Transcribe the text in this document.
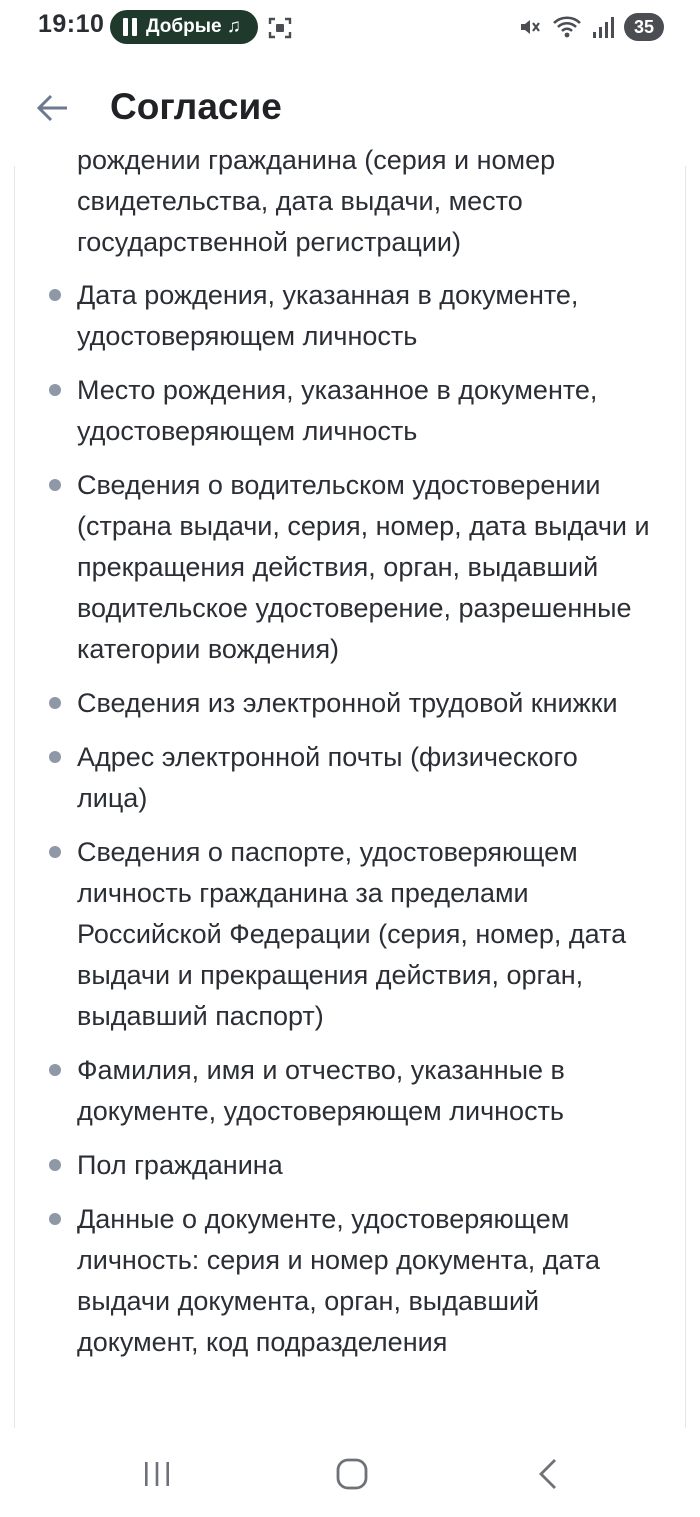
19:10 Добрые ♫	35
Согласие
рождении гражданина (серия и номер свидетельства, дата выдачи, место государственной регистрации)
Дата рождения, указанная в документе, удостоверяющем личность
Место рождения, указанное в документе, удостоверяющем личность
Сведения о водительском удостоверении (страна выдачи, серия, номер, дата выдачи и прекращения действия, орган, выдавший водительское удостоверение, разрешенные категории вождения)
Сведения из электронной трудовой книжки
Адрес электронной почты (физического лица)
Сведения о паспорте, удостоверяющем личность гражданина за пределами Российской Федерации (серия, номер, дата выдачи и прекращения действия, орган, выдавший паспорт)
Фамилия, имя и отчество, указанные в документе, удостоверяющем личность
Пол гражданина
Данные о документе, удостоверяющем личность: серия и номер документа, дата выдачи документа, орган, выдавший документ, код подразделения
